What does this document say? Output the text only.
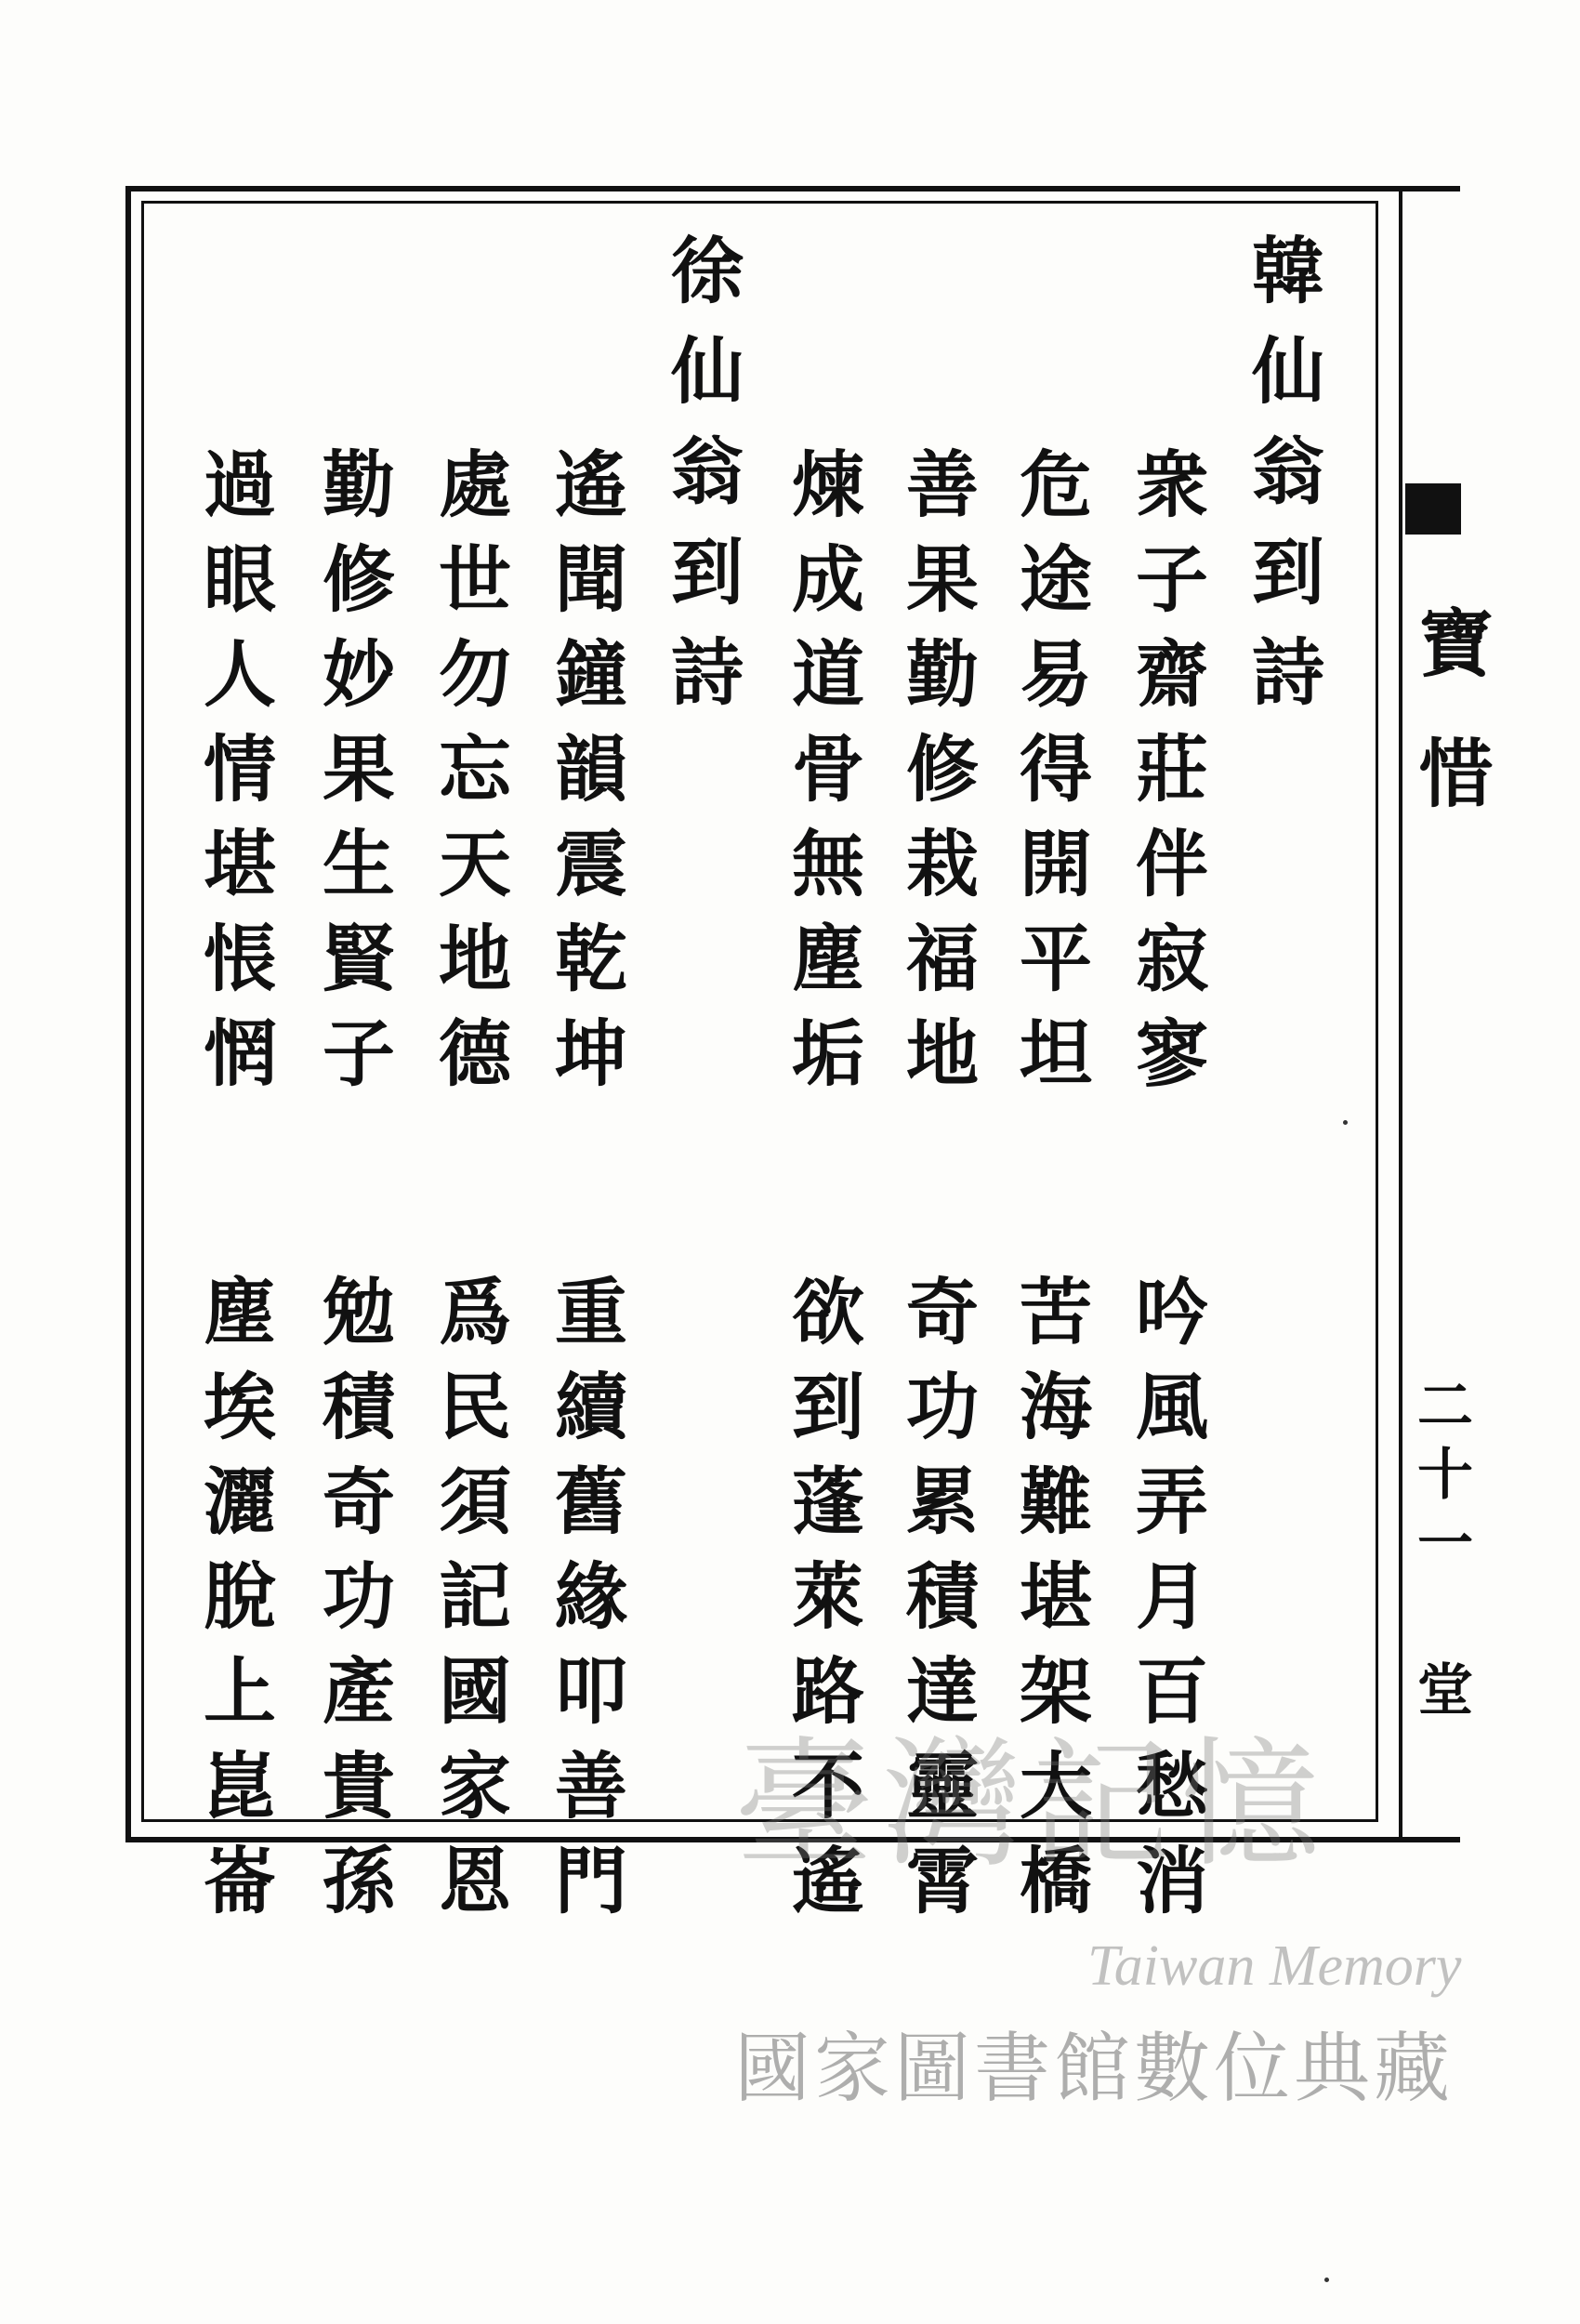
韓仙翁到詩
衆子齋莊伴寂寥
危途易得開平坦
善果勤修栽福地
煉成道骨無塵垢
吟風弄月百愁消
苦海難堪架大橋
奇功累積達靈霄
欲到蓬萊路不遙
徐仙翁到詩
遙聞鐘韻震乾坤
處世勿忘天地德
勤修妙果生賢子
過眼人情堪悵惘
重續舊緣叩善門
爲民須記國家恩
勉積奇功產貴孫
塵埃灑脫上崑崙
寶惜
二十一 堂
臺灣記憶
Taiwan Memory
國家圖書館數位典藏
